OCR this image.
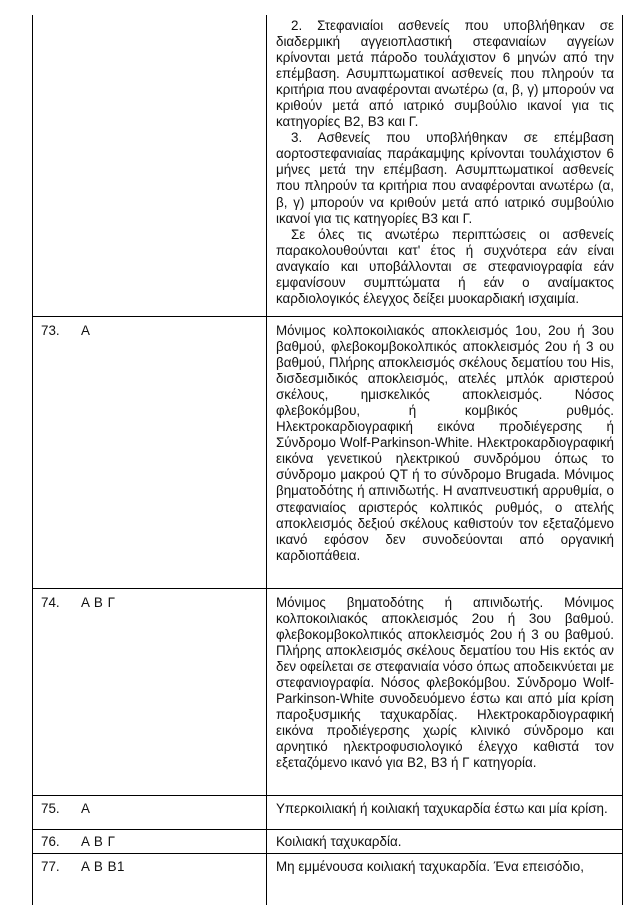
2. Στεφανιαίοι ασθενείς που υποβλήθηκαν σε διαδερμική αγγειοπλαστική στεφανιαίων αγγείων κρίνονται μετά πάροδο τουλάχιστον 6 μηνών από την επέμβαση. Ασυμπτωματικοί ασθενείς που πληρούν τα κριτήρια που αναφέρονται ανωτέρω (α, β, γ) μπορούν να κριθούν μετά από ιατρικό συμβούλιο ικανοί για τις κατηγορίες Β2, Β3 και Γ.

3. Ασθενείς που υποβλήθηκαν σε επέμβαση αορτοστεφανιαίας παράκαμψης κρίνονται τουλάχιστον 6 μήνες μετά την επέμβαση. Ασυμπτωματικοί ασθενείς που πληρούν τα κριτήρια που αναφέρονται ανωτέρω (α, β, γ) μπορούν να κριθούν μετά από ιατρικό συμβούλιο ικανοί για τις κατηγορίες Β3 και Γ.

Σε όλες τις ανωτέρω περιπτώσεις οι ασθενείς παρακολουθούνται κατ' έτος ή συχνότερα εάν είναι αναγκαίο και υποβάλλονται σε στεφανιογραφία εάν εμφανίσουν συμπτώματα ή εάν ο αναίμακτος καρδιολογικός έλεγχος δείξει μυοκαρδιακή ισχαιμία.

73. Α	Μόνιμος κολποκοιλιακός αποκλεισμός 1ου, 2ου ή 3ου βαθμού, φλεβοκομβοκολπικός αποκλεισμός 2ου ή 3 ου βαθμού, Πλήρης αποκλεισμός σκέλους δεματίου του His, δισδεσμιδικός αποκλεισμός, ατελές μπλόκ αριστερού σκέλους, ημισκελικός αποκλεισμός. Νόσος φλεβοκόμβου, ή κομβικός ρυθμός. Ηλεκτροκαρδιογραφική εικόνα προδιέγερσης ή Σύνδρομο Wolf-Parkinson-White. Ηλεκτροκαρδιογραφική εικόνα γενετικού ηλεκτρικού συνδρόμου όπως το σύνδρομο μακρού QT ή το σύνδρομο Brugada. Μόνιμος βηματοδότης ή απινιδωτής. Η αναπνευστική αρρυθμία, ο στεφανιαίος αριστερός κολπικός ρυθμός, ο ατελής αποκλεισμός δεξιού σκέλους καθιστούν τον εξεταζόμενο ικανό εφόσον δεν συνοδεύονται από οργανική καρδιοπάθεια.

74. Α Β Γ	Μόνιμος βηματοδότης ή απινιδωτής. Μόνιμος κολποκοιλιακός αποκλεισμός 2ου ή 3ου βαθμού. φλεβοκομβοκολπικός αποκλεισμός 2ου ή 3 ου βαθμού. Πλήρης αποκλεισμός σκέλους δεματίου του His εκτός αν δεν οφείλεται σε στεφανιαία νόσο όπως αποδεικνύεται με στεφανιογραφία. Νόσος φλεβοκόμβου. Σύνδρομο Wolf-Parkinson-White συνοδευόμενο έστω και από μία κρίση παροξυσμικής ταχυκαρδίας. Ηλεκτροκαρδιογραφική εικόνα προδιέγερσης χωρίς κλινικό σύνδρομο και αρνητικό ηλεκτροφυσιολογικό έλεγχο καθιστά τον εξεταζόμενο ικανό για Β2, Β3 ή Γ κατηγορία.

75. Α	Υπερκοιλιακή ή κοιλιακή ταχυκαρδία έστω και μία κρίση.

76. Α Β Γ	Κοιλιακή ταχυκαρδία.

77. Α Β Β1	Μη εμμένουσα κοιλιακή ταχυκαρδία. Ένα επεισόδιο,
